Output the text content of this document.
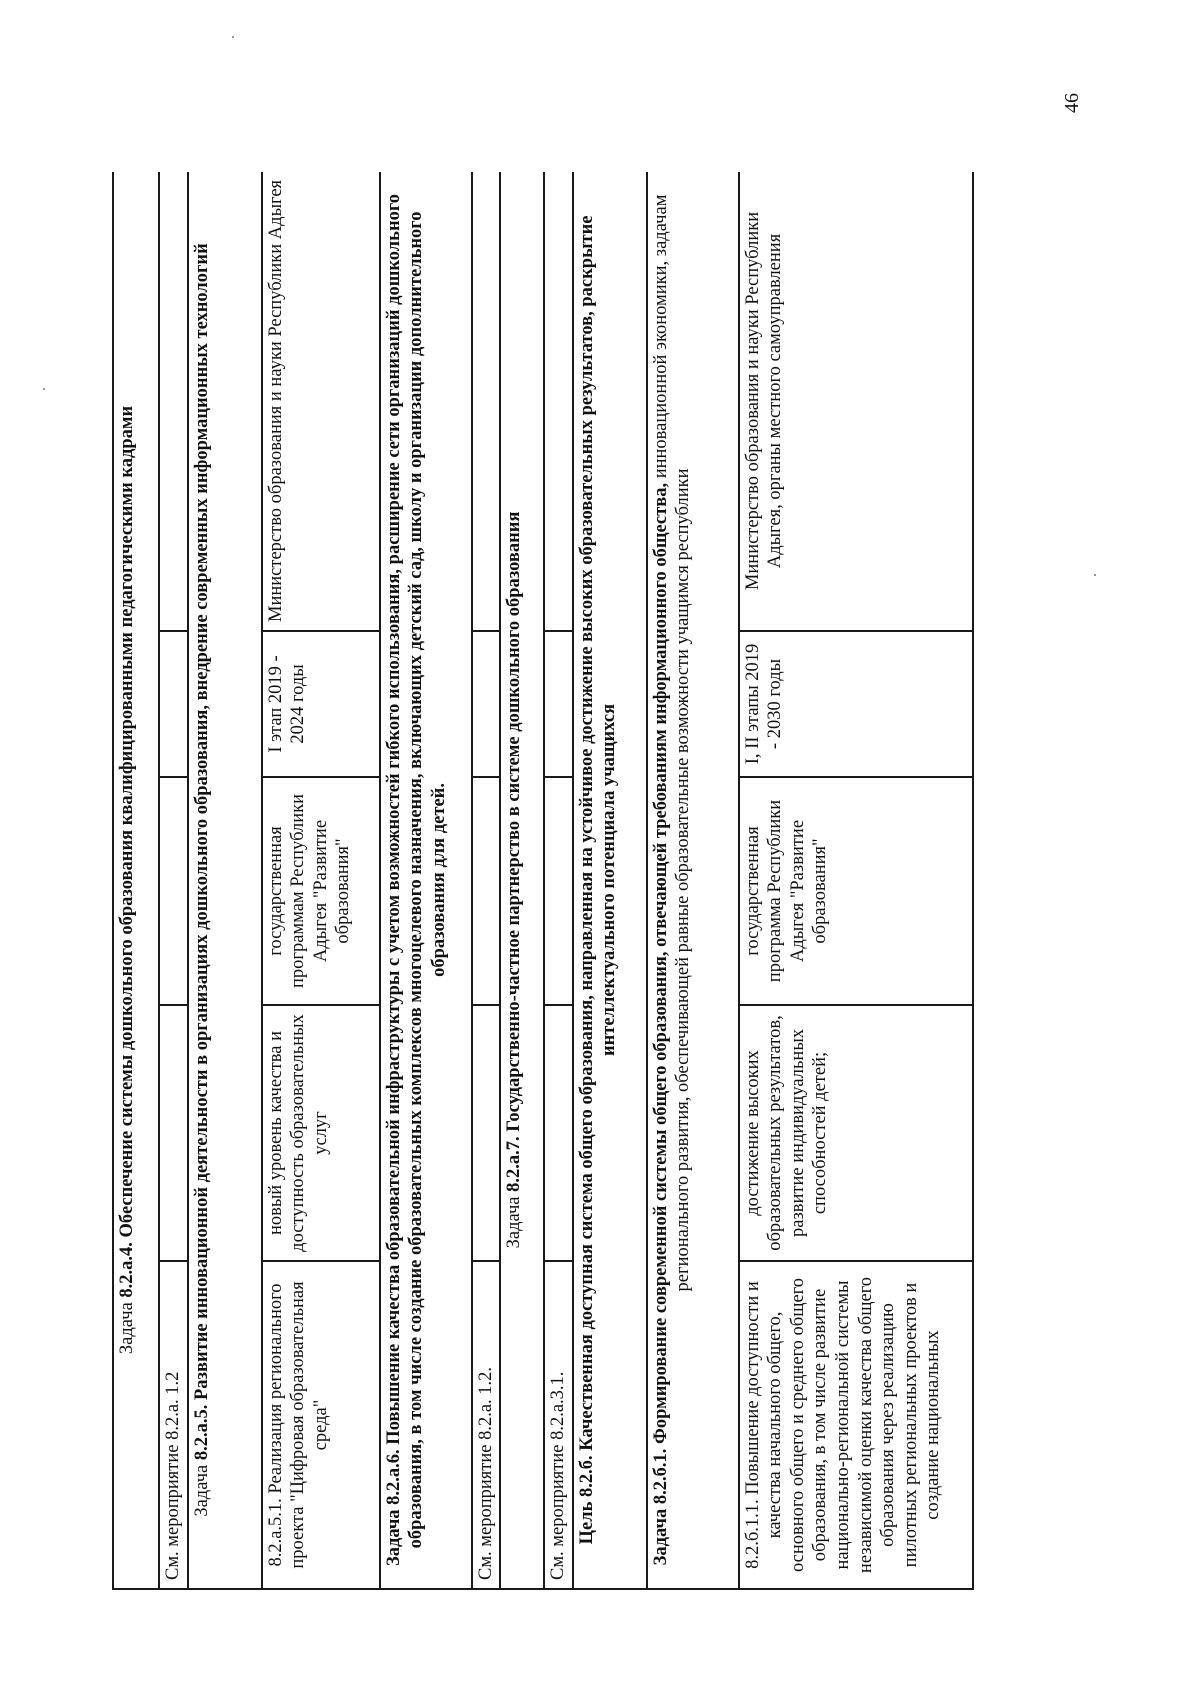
46
Задача 8.2.а.4. Обеспечение системы дошкольного образования квалифицированными педагогическими кадрами				
См. мероприятие 8.2.а. 1.2				
Задача 8.2.а.5. Развитие инновационной деятельности в организациях дошкольного образования, внедрение современных информационных технологий				
8.2.а.5.1. Реализация регионального проекта "Цифровая образовательная среда"	новый уровень качества и доступность образовательных услуг	государственная программам Республики Адыгея "Развитие образования"	I этап 2019 - 2024 годы	Министерство образования и науки Республики Адыгея
Задача 8.2.а.6. Повышение качества образовательной инфраструктуры с учетом возможностей гибкого использования, расширение сети организаций дошкольного образования, в том числе создание образовательных комплексов многоцелевого назначения, включающих детский сад, школу и организации дополнительного образования для детей.				
См. мероприятие 8.2.а. 1.2.				
Задача 8.2.а.7. Государственно-частное партнерство в системе дошкольного образования				
См. мероприятие 8.2.а.3.1.				
Цель 8.2.б. Качественная доступная система общего образования, направленная на устойчивое достижение высоких образовательных результатов, раскрытие интеллектуального потенциала учащихся				
Задача 8.2.б.1. Формирование современной системы общего образования, отвечающей требованиям информационного общества, инновационной экономики, задачам регионального развития, обеспечивающей равные образовательные возможности учащимся республики				
8.2.б.1.1. Повышение доступности и качества начального общего, основного общего и среднего общего образования, в том числе развитие национально-региональной системы независимой оценки качества общего образования через реализацию пилотных региональных проектов и создание национальных	достижение высоких образовательных результатов, развитие индивидуальных способностей детей;	государственная программа Республики Адыгея "Развитие образования"	I, II этапы 2019 - 2030 годы	Министерство образования и науки Республики Адыгея, органы местного самоуправления
